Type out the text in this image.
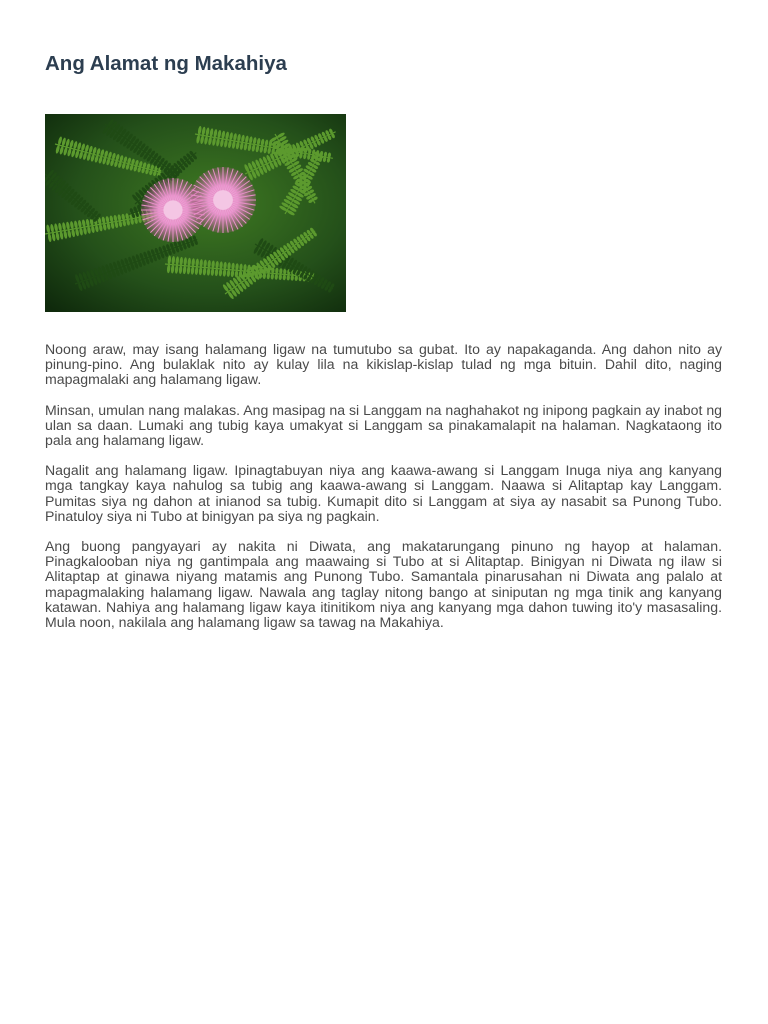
Ang Alamat ng Makahiya

Noong araw, may isang halamang ligaw na tumutubo sa gubat. Ito ay napakaganda. Ang dahon nito ay pinung-pino. Ang bulaklak nito ay kulay lila na kikislap-kislap tulad ng mga bituin. Dahil dito, naging mapagmalaki ang halamang ligaw.

Minsan, umulan nang malakas. Ang masipag na si Langgam na naghahakot ng inipong pagkain ay inabot ng ulan sa daan. Lumaki ang tubig kaya umakyat si Langgam sa pinakamalapit na halaman. Nagkataong ito pala ang halamang ligaw.

Nagalit ang halamang ligaw. Ipinagtabuyan niya ang kaawa-awang si Langgam Inuga niya ang kanyang mga tangkay kaya nahulog sa tubig ang kaawa-awang si Langgam. Naawa si Alitaptap kay Langgam. Pumitas siya ng dahon at inianod sa tubig. Kumapit dito si Langgam at siya ay nasabit sa Punong Tubo. Pinatuloy siya ni Tubo at binigyan pa siya ng pagkain.

Ang buong pangyayari ay nakita ni Diwata, ang makatarungang pinuno ng hayop at halaman. Pinagkalooban niya ng gantimpala ang maawaing si Tubo at si Alitaptap. Binigyan ni Diwata ng ilaw si Alitaptap at ginawa niyang matamis ang Punong Tubo. Samantala pinarusahan ni Diwata ang palalo at mapagmalaking halamang ligaw. Nawala ang taglay nitong bango at siniputan ng mga tinik ang kanyang katawan. Nahiya ang halamang ligaw kaya itinitikom niya ang kanyang mga dahon tuwing ito'y masasaling. Mula noon, nakilala ang halamang ligaw sa tawag na Makahiya.
